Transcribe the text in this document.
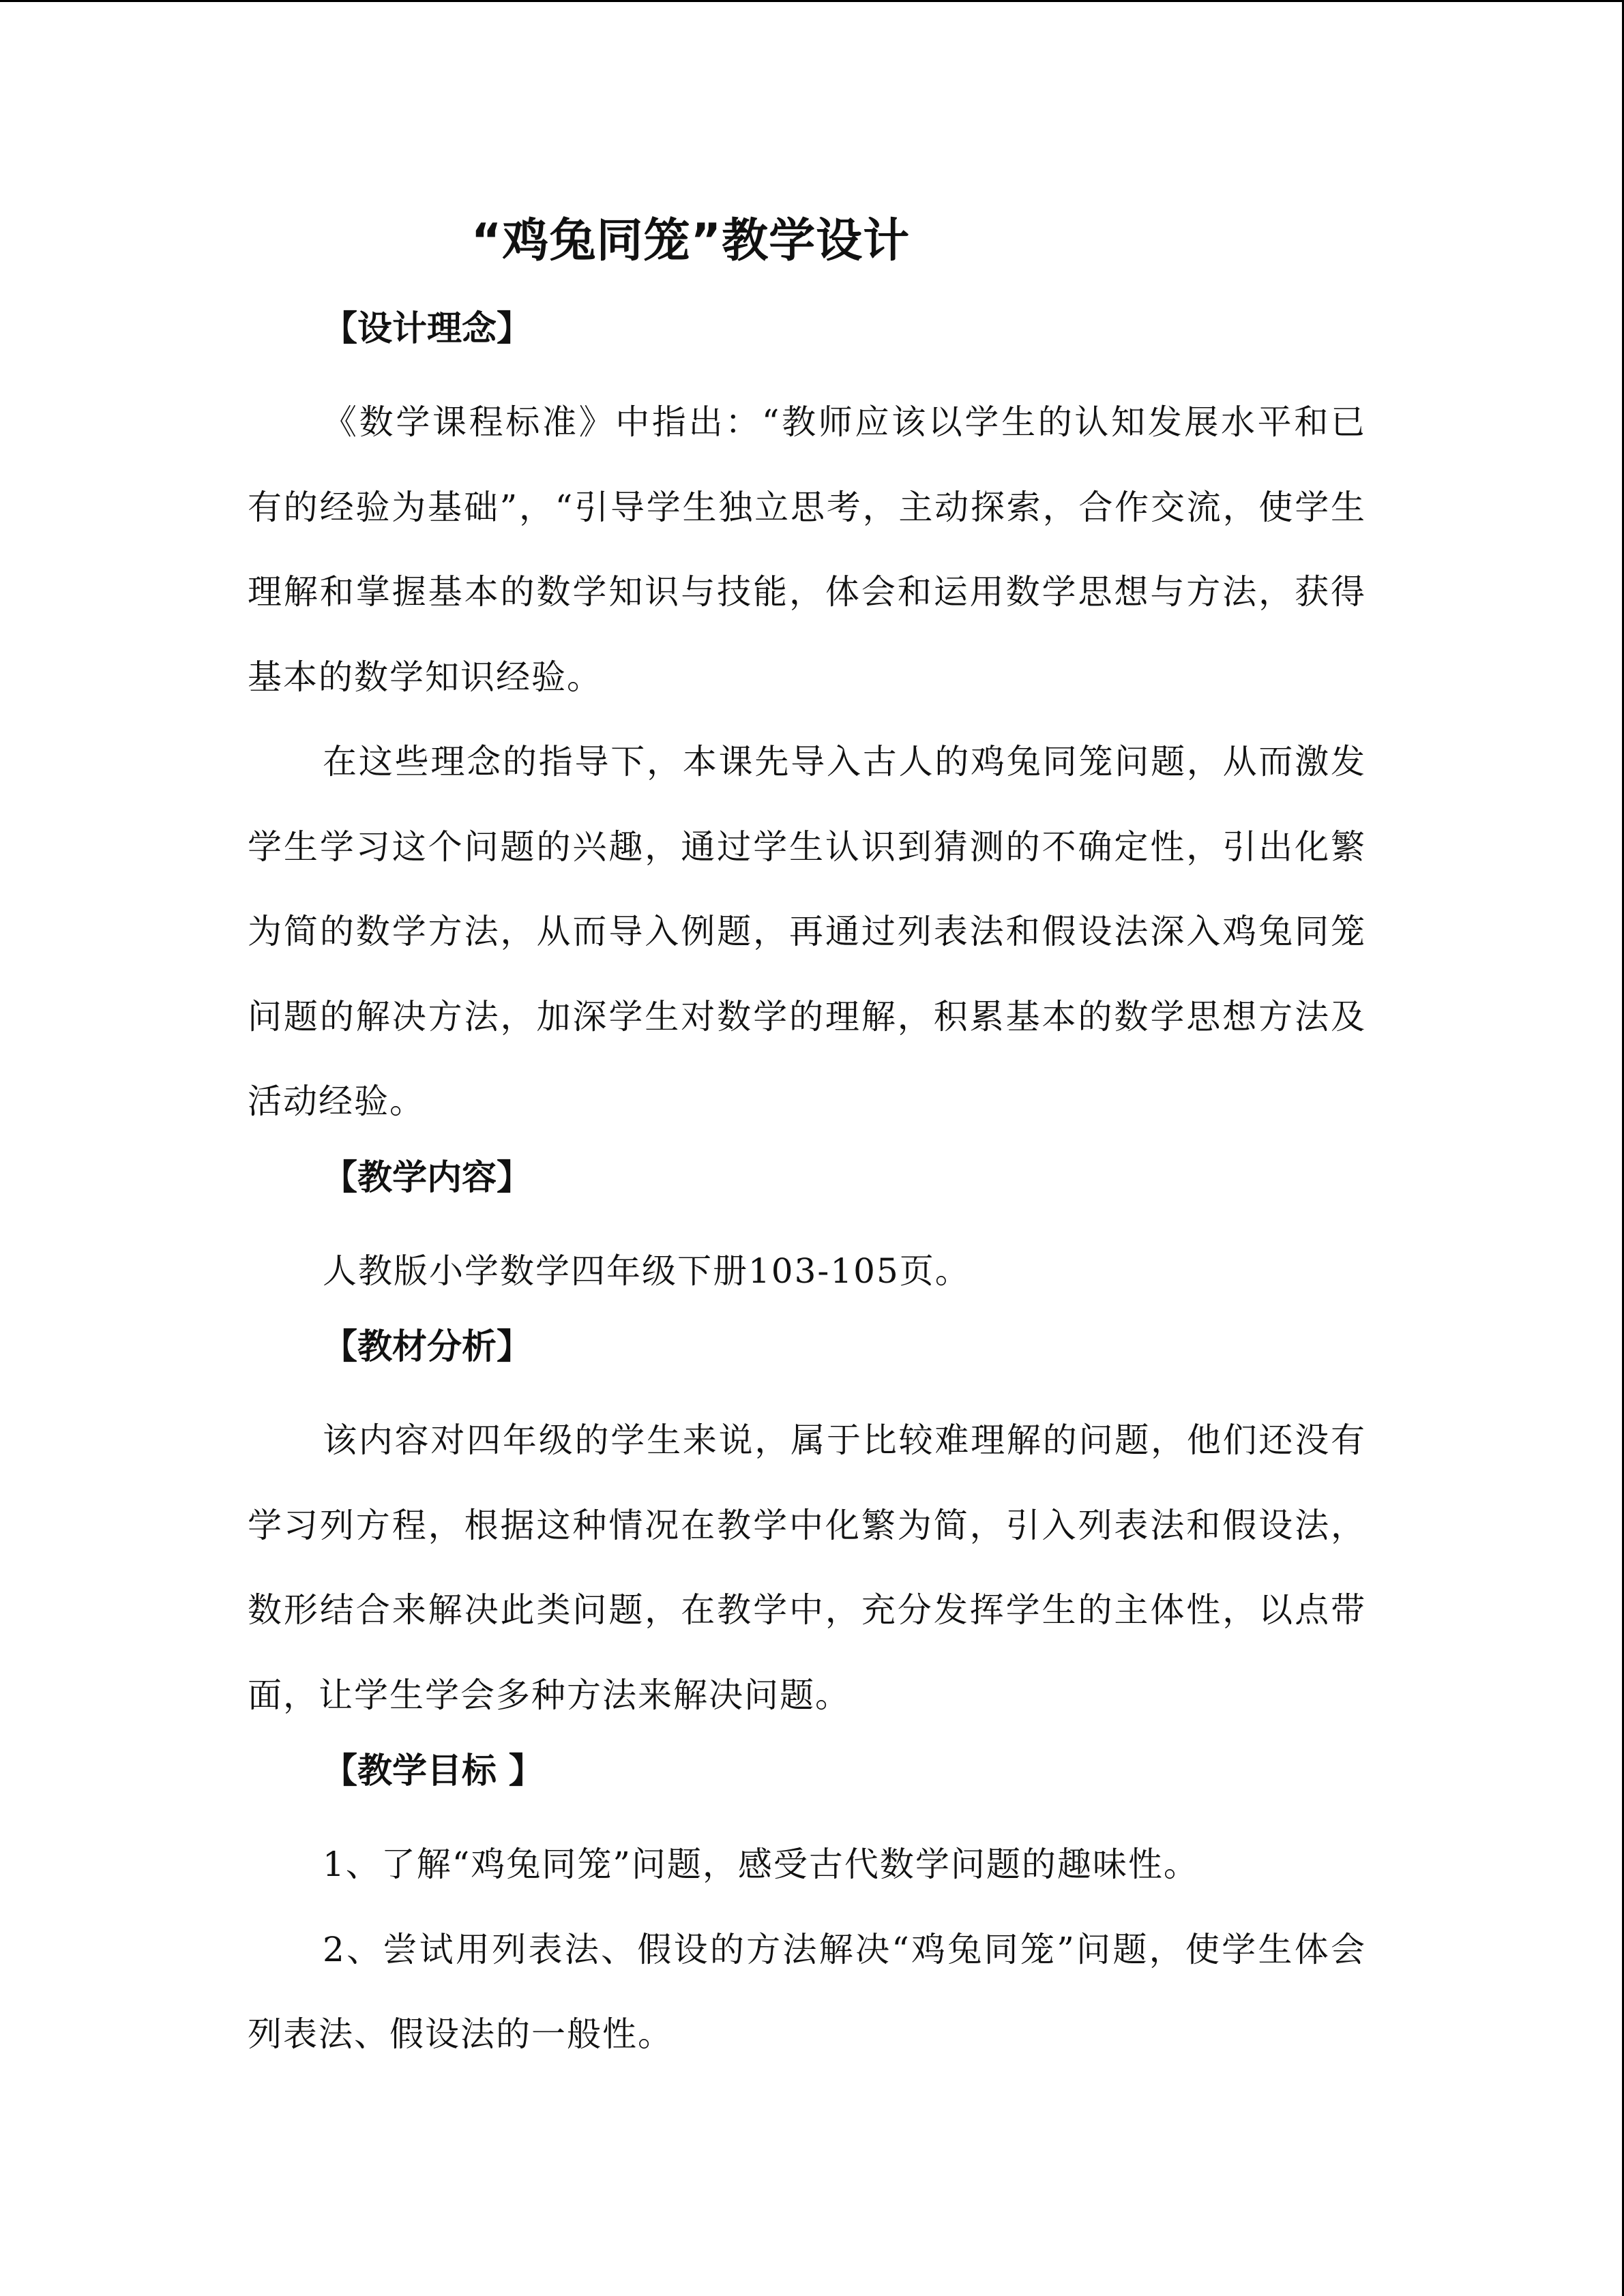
“鸡兔同笼”教学设计
【设计理念】

《数学课程标准》中指出：“教师应该以学生的认知发展水平和已有的经验为基础”，“引导学生独立思考，主动探索，合作交流，使学生理解和掌握基本的数学知识与技能，体会和运用数学思想与方法，获得基本的数学知识经验。

在这些理念的指导下，本课先导入古人的鸡兔同笼问题，从而激发学生学习这个问题的兴趣，通过学生认识到猜测的不确定性，引出化繁为简的数学方法，从而导入例题，再通过列表法和假设法深入鸡兔同笼问题的解决方法，加深学生对数学的理解，积累基本的数学思想方法及活动经验。

【教学内容】

人教版小学数学四年级下册103-105页。

【教材分析】

该内容对四年级的学生来说，属于比较难理解的问题，他们还没有学习列方程，根据这种情况在教学中化繁为简，引入列表法和假设法，数形结合来解决此类问题，在教学中，充分发挥学生的主体性，以点带面，让学生学会多种方法来解决问题。

【教学目标 】

1、了解“鸡兔同笼”问题，感受古代数学问题的趣味性。

2、尝试用列表法、假设的方法解决“鸡兔同笼”问题，使学生体会列表法、假设法的一般性。
